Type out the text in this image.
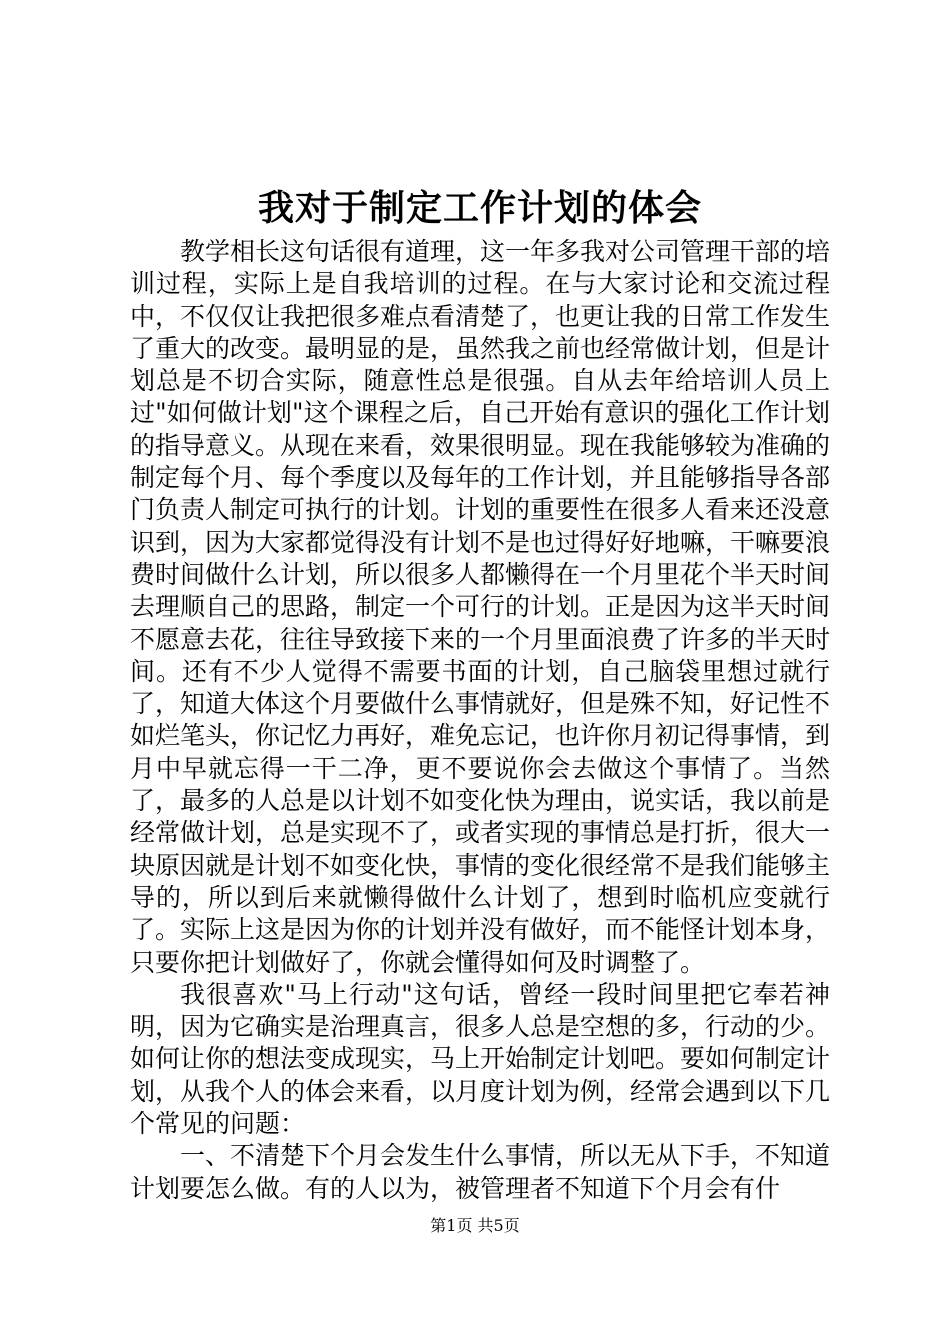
我对于制定工作计划的体会

教学相长这句话很有道理，这一年多我对公司管理干部的培训过程，实际上是自我培训的过程。在与大家讨论和交流过程中，不仅仅让我把很多难点看清楚了，也更让我的日常工作发生了重大的改变。最明显的是，虽然我之前也经常做计划，但是计划总是不切合实际，随意性总是很强。自从去年给培训人员上过"如何做计划"这个课程之后，自己开始有意识的强化工作计划的指导意义。从现在来看，效果很明显。现在我能够较为准确的制定每个月、每个季度以及每年的工作计划，并且能够指导各部门负责人制定可执行的计划。计划的重要性在很多人看来还没意识到，因为大家都觉得没有计划不是也过得好好地嘛，干嘛要浪费时间做什么计划，所以很多人都懒得在一个月里花个半天时间去理顺自己的思路，制定一个可行的计划。正是因为这半天时间不愿意去花，往往导致接下来的一个月里面浪费了许多的半天时间。还有不少人觉得不需要书面的计划，自己脑袋里想过就行了，知道大体这个月要做什么事情就好，但是殊不知，好记性不如烂笔头，你记忆力再好，难免忘记，也许你月初记得事情，到月中早就忘得一干二净，更不要说你会去做这个事情了。当然了，最多的人总是以计划不如变化快为理由，说实话，我以前是经常做计划，总是实现不了，或者实现的事情总是打折，很大一块原因就是计划不如变化快，事情的变化很经常不是我们能够主导的，所以到后来就懒得做什么计划了，想到时临机应变就行了。实际上这是因为你的计划并没有做好，而不能怪计划本身，只要你把计划做好了，你就会懂得如何及时调整了。

我很喜欢"马上行动"这句话，曾经一段时间里把它奉若神明，因为它确实是治理真言，很多人总是空想的多，行动的少。如何让你的想法变成现实，马上开始制定计划吧。要如何制定计划，从我个人的体会来看，以月度计划为例，经常会遇到以下几个常见的问题：

一、不清楚下个月会发生什么事情，所以无从下手，不知道计划要怎么做。有的人以为，被管理者不知道下个月会有什

第1页 共5页
